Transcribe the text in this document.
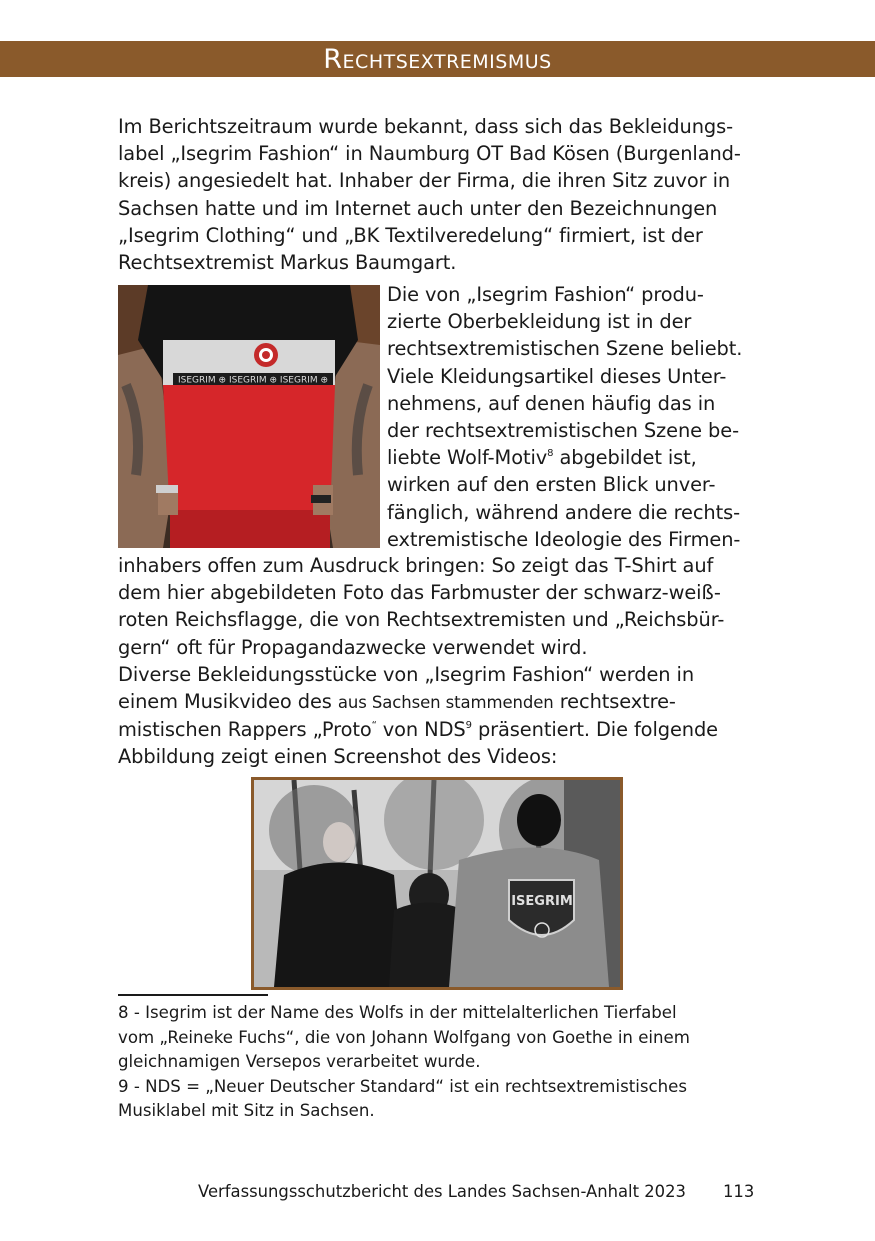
Rechtsextremismus

Im Berichtszeitraum wurde bekannt, dass sich das Bekleidungs-
label „Isegrim Fashion“ in Naumburg OT Bad Kösen (Burgenland-
kreis) angesiedelt hat. Inhaber der Firma, die ihren Sitz zuvor in
Sachsen hatte und im Internet auch unter den Bezeichnungen
„Isegrim Clothing“ und „BK Textilveredelung“ firmiert, ist der
Rechtsextremist Markus Baumgart.

ISEGRIM ⊕ ISEGRIM ⊕ ISEGRIM ⊕

Die von „Isegrim Fashion“ produ-
zierte Oberbekleidung ist in der
rechtsextremistischen Szene beliebt.
Viele Kleidungsartikel dieses Unter-
nehmens, auf denen häufig das in
der rechtsextremistischen Szene be-
liebte Wolf-Motiv$^8$ abgebildet ist,
wirken auf den ersten Blick unver-
fänglich, während andere die rechts-
extremistische Ideologie des Firmen-

inhabers offen zum Ausdruck bringen: So zeigt das T-Shirt auf
dem hier abgebildeten Foto das Farbmuster der schwarz-weiß-
roten Reichsflagge, die von Rechtsextremisten und „Reichsbür-
gern“ oft für Propagandazwecke verwendet wird.
Diverse Bekleidungsstücke von „Isegrim Fashion“ werden in
einem Musikvideo des aus Sachsen stammenden rechtsextre-
mistischen Rappers „Proto“ von NDS$^9$ präsentiert. Die folgende
Abbildung zeigt einen Screenshot des Videos:

ISEGRIM

8 - Isegrim ist der Name des Wolfs in der mittelalterlichen Tierfabel
vom „Reineke Fuchs“, die von Johann Wolfgang von Goethe in einem
gleichnamigen Versepos verarbeitet wurde.
9 - NDS = „Neuer Deutscher Standard“ ist ein rechtsextremistisches
Musiklabel mit Sitz in Sachsen.

Verfassungsschutzbericht des Landes Sachsen-Anhalt 2023 113
